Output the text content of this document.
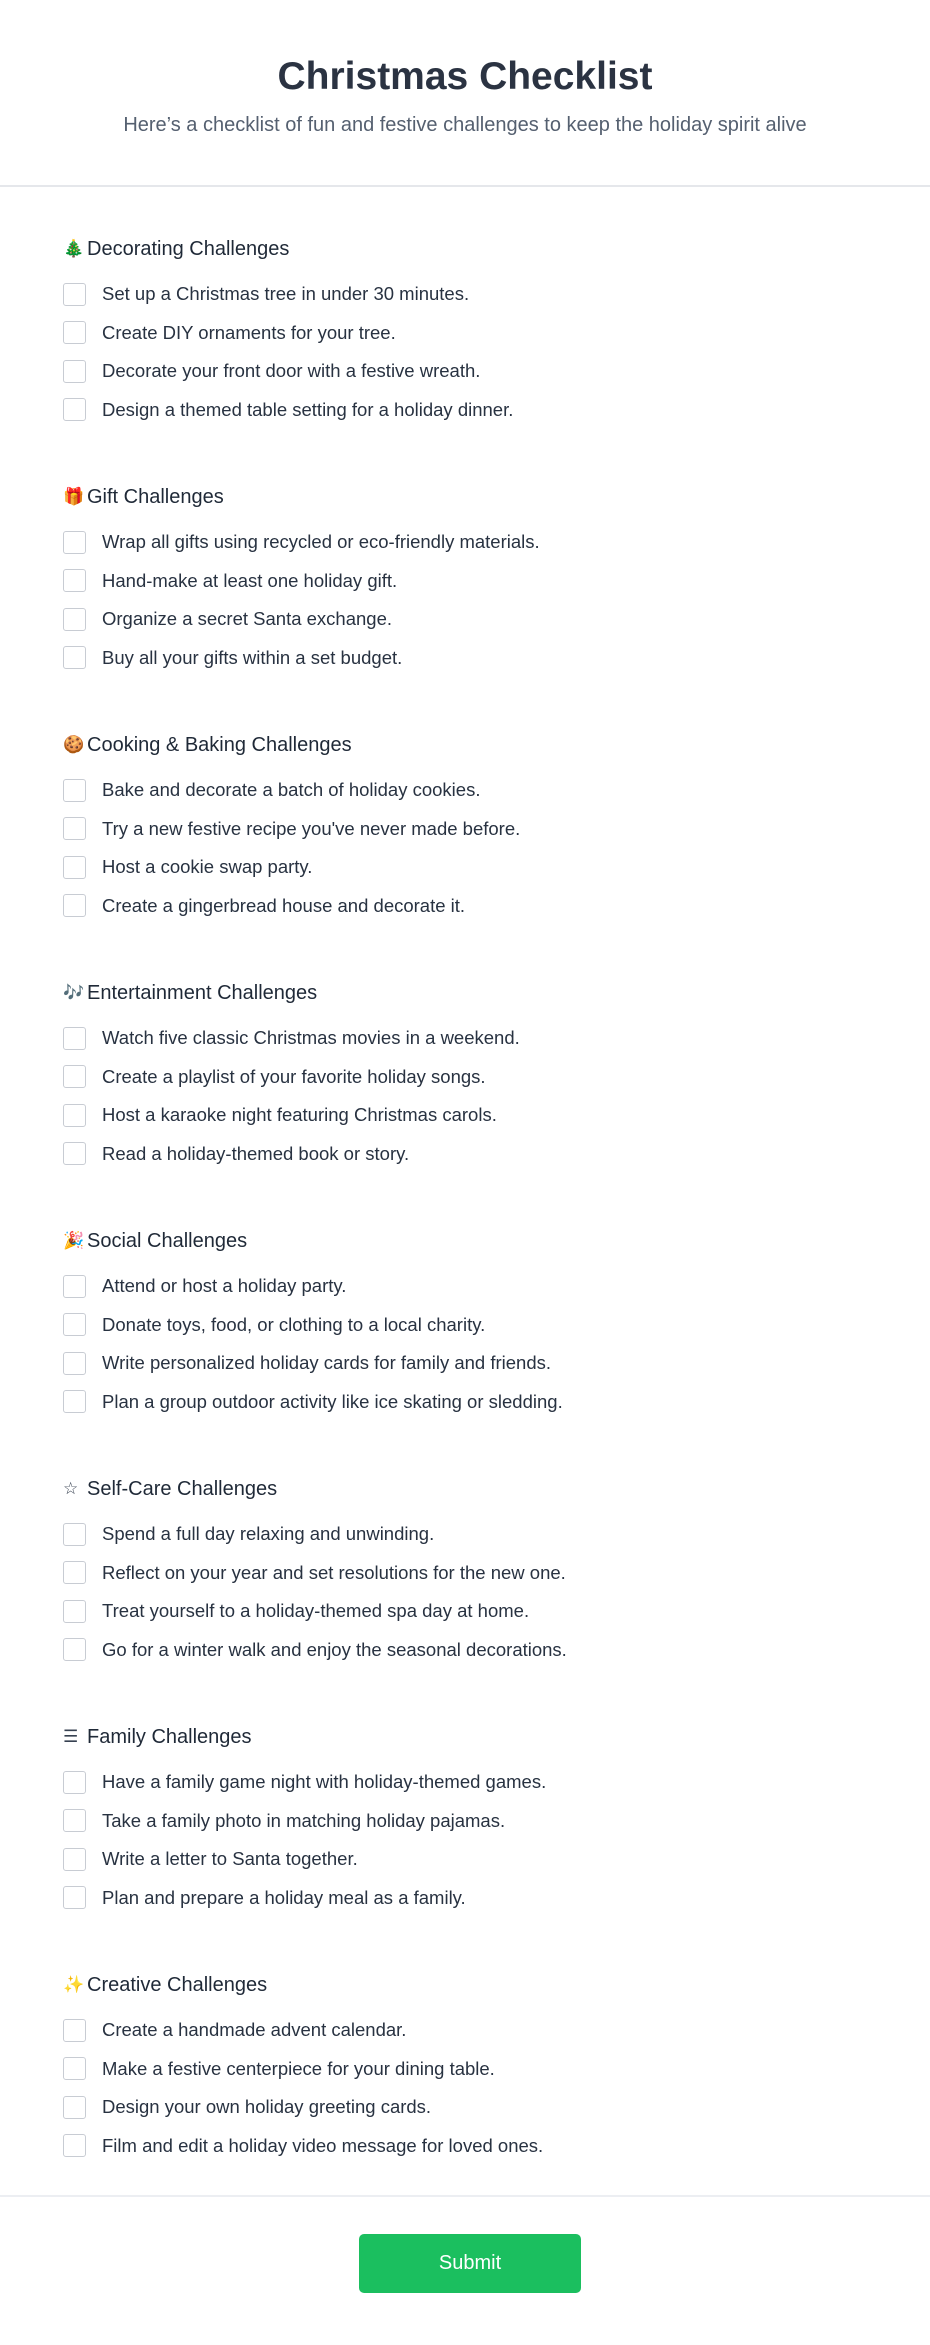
Christmas Checklist
Here’s a checklist of fun and festive challenges to keep the holiday spirit alive
🎄 Decorating Challenges
Set up a Christmas tree in under 30 minutes.
Create DIY ornaments for your tree.
Decorate your front door with a festive wreath.
Design a themed table setting for a holiday dinner.
🎁 Gift Challenges
Wrap all gifts using recycled or eco-friendly materials.
Hand-make at least one holiday gift.
Organize a secret Santa exchange.
Buy all your gifts within a set budget.
🍪 Cooking & Baking Challenges
Bake and decorate a batch of holiday cookies.
Try a new festive recipe you've never made before.
Host a cookie swap party.
Create a gingerbread house and decorate it.
🎶 Entertainment Challenges
Watch five classic Christmas movies in a weekend.
Create a playlist of your favorite holiday songs.
Host a karaoke night featuring Christmas carols.
Read a holiday-themed book or story.
🎉 Social Challenges
Attend or host a holiday party.
Donate toys, food, or clothing to a local charity.
Write personalized holiday cards for family and friends.
Plan a group outdoor activity like ice skating or sledding.
☆ Self-Care Challenges
Spend a full day relaxing and unwinding.
Reflect on your year and set resolutions for the new one.
Treat yourself to a holiday-themed spa day at home.
Go for a winter walk and enjoy the seasonal decorations.
☰ Family Challenges
Have a family game night with holiday-themed games.
Take a family photo in matching holiday pajamas.
Write a letter to Santa together.
Plan and prepare a holiday meal as a family.
✨ Creative Challenges
Create a handmade advent calendar.
Make a festive centerpiece for your dining table.
Design your own holiday greeting cards.
Film and edit a holiday video message for loved ones.
Submit
